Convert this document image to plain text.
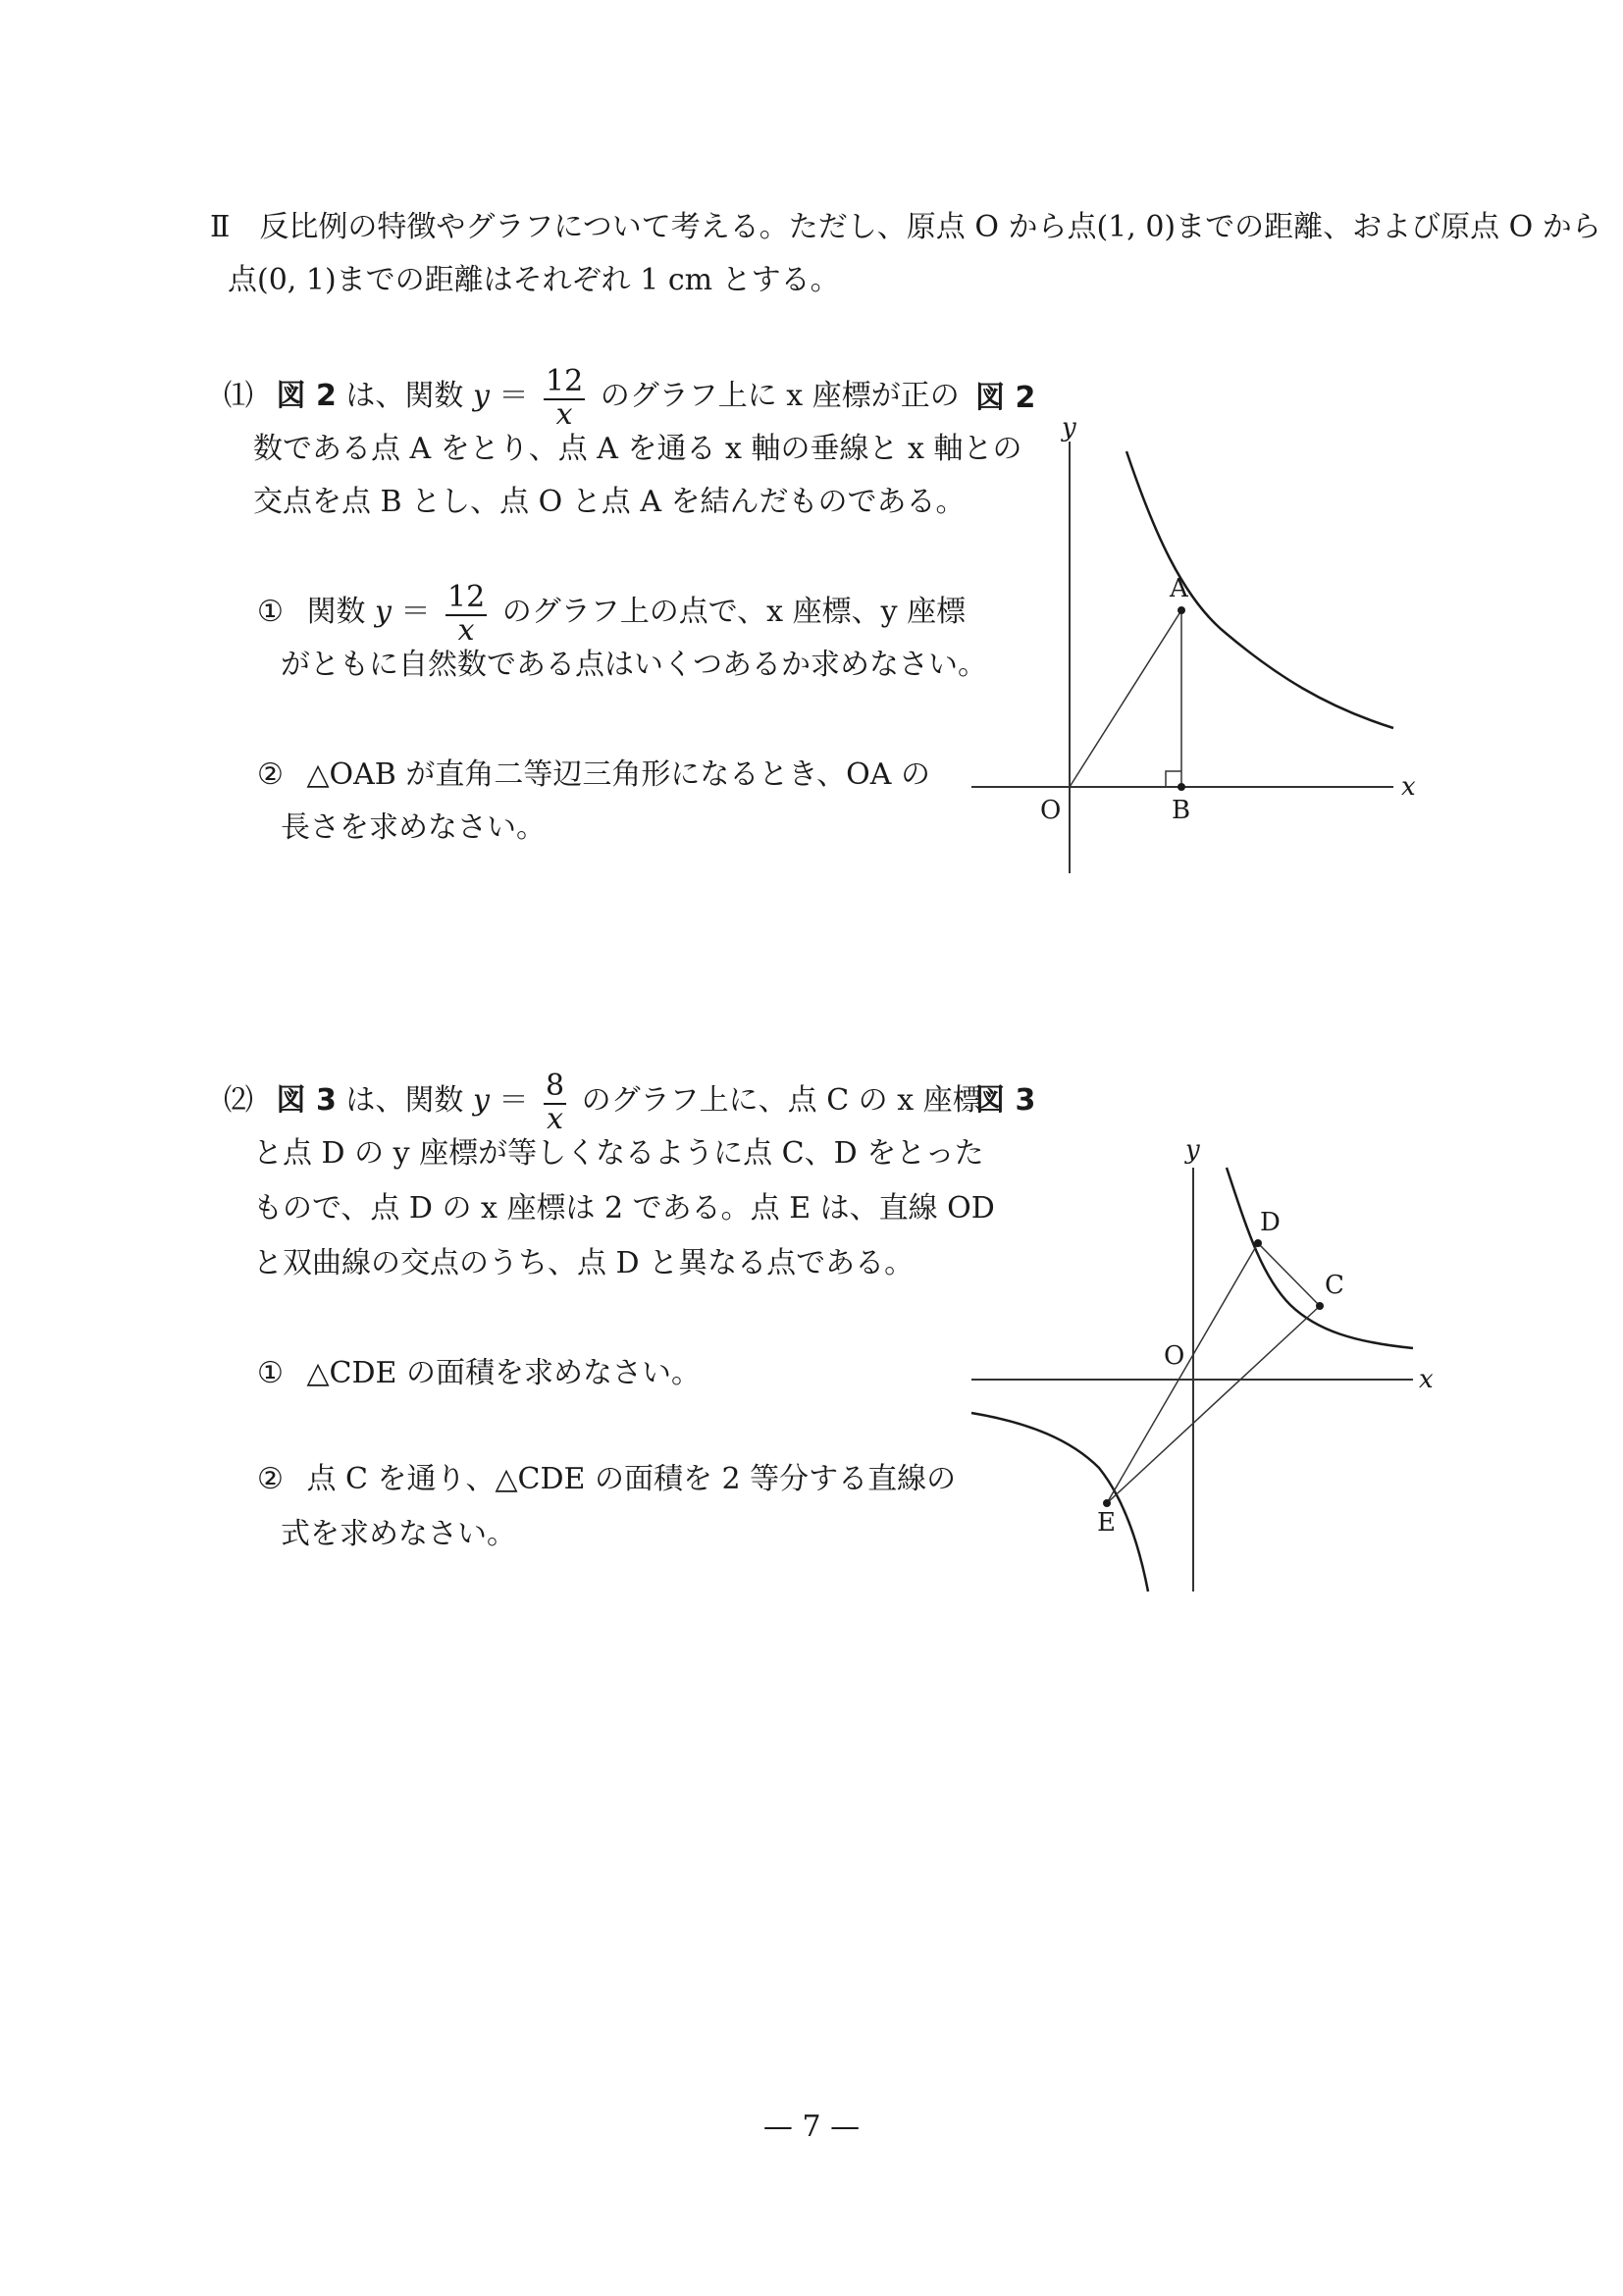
Ⅱ　反比例の特徴やグラフについて考える。ただし、原点 O から点(1, 0)までの距離、および原点 O から
点(0, 1)までの距離はそれぞれ 1 cm とする。
⑴ 図 2 は、関数 $y = \frac{12}{x}$ のグラフ上に x 座標が正の
数である点 A をとり、点 A を通る x 軸の垂線と x 軸との
交点を点 B とし、点 O と点 A を結んだものである。
① 関数 $y = \frac{12}{x}$ のグラフ上の点で、x 座標、y 座標
がともに自然数である点はいくつあるか求めなさい。
② △OAB が直角二等辺三角形になるとき、OA の
長さを求めなさい。
図 2
y
x
O
A
B
⑵ 図 3 は、関数 $y = \frac{8}{x}$ のグラフ上に、点 C の x 座標
と点 D の y 座標が等しくなるように点 C、D をとった
もので、点 D の x 座標は 2 である。点 E は、直線 OD
と双曲線の交点のうち、点 D と異なる点である。
① △CDE の面積を求めなさい。
② 点 C を通り、△CDE の面積を 2 等分する直線の
式を求めなさい。
図 3
y
x
O
D
C
E
— 7 —
